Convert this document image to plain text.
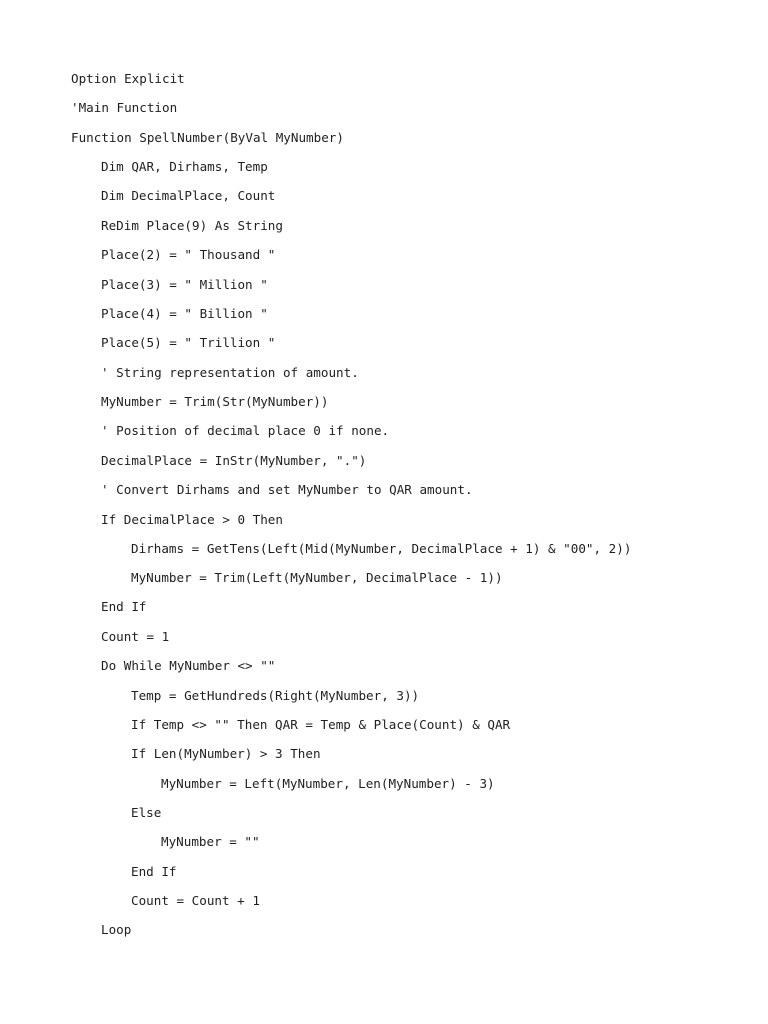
Option Explicit
'Main Function
Function SpellNumber(ByVal MyNumber)
Dim QAR, Dirhams, Temp
Dim DecimalPlace, Count
ReDim Place(9) As String
Place(2) = " Thousand "
Place(3) = " Million "
Place(4) = " Billion "
Place(5) = " Trillion "
' String representation of amount.
MyNumber = Trim(Str(MyNumber))
' Position of decimal place 0 if none.
DecimalPlace = InStr(MyNumber, ".")
' Convert Dirhams and set MyNumber to QAR amount.
If DecimalPlace > 0 Then
Dirhams = GetTens(Left(Mid(MyNumber, DecimalPlace + 1) & "00", 2))
MyNumber = Trim(Left(MyNumber, DecimalPlace - 1))
End If
Count = 1
Do While MyNumber <> ""
Temp = GetHundreds(Right(MyNumber, 3))
If Temp <> "" Then QAR = Temp & Place(Count) & QAR
If Len(MyNumber) > 3 Then
MyNumber = Left(MyNumber, Len(MyNumber) - 3)
Else
MyNumber = ""
End If
Count = Count + 1
Loop
